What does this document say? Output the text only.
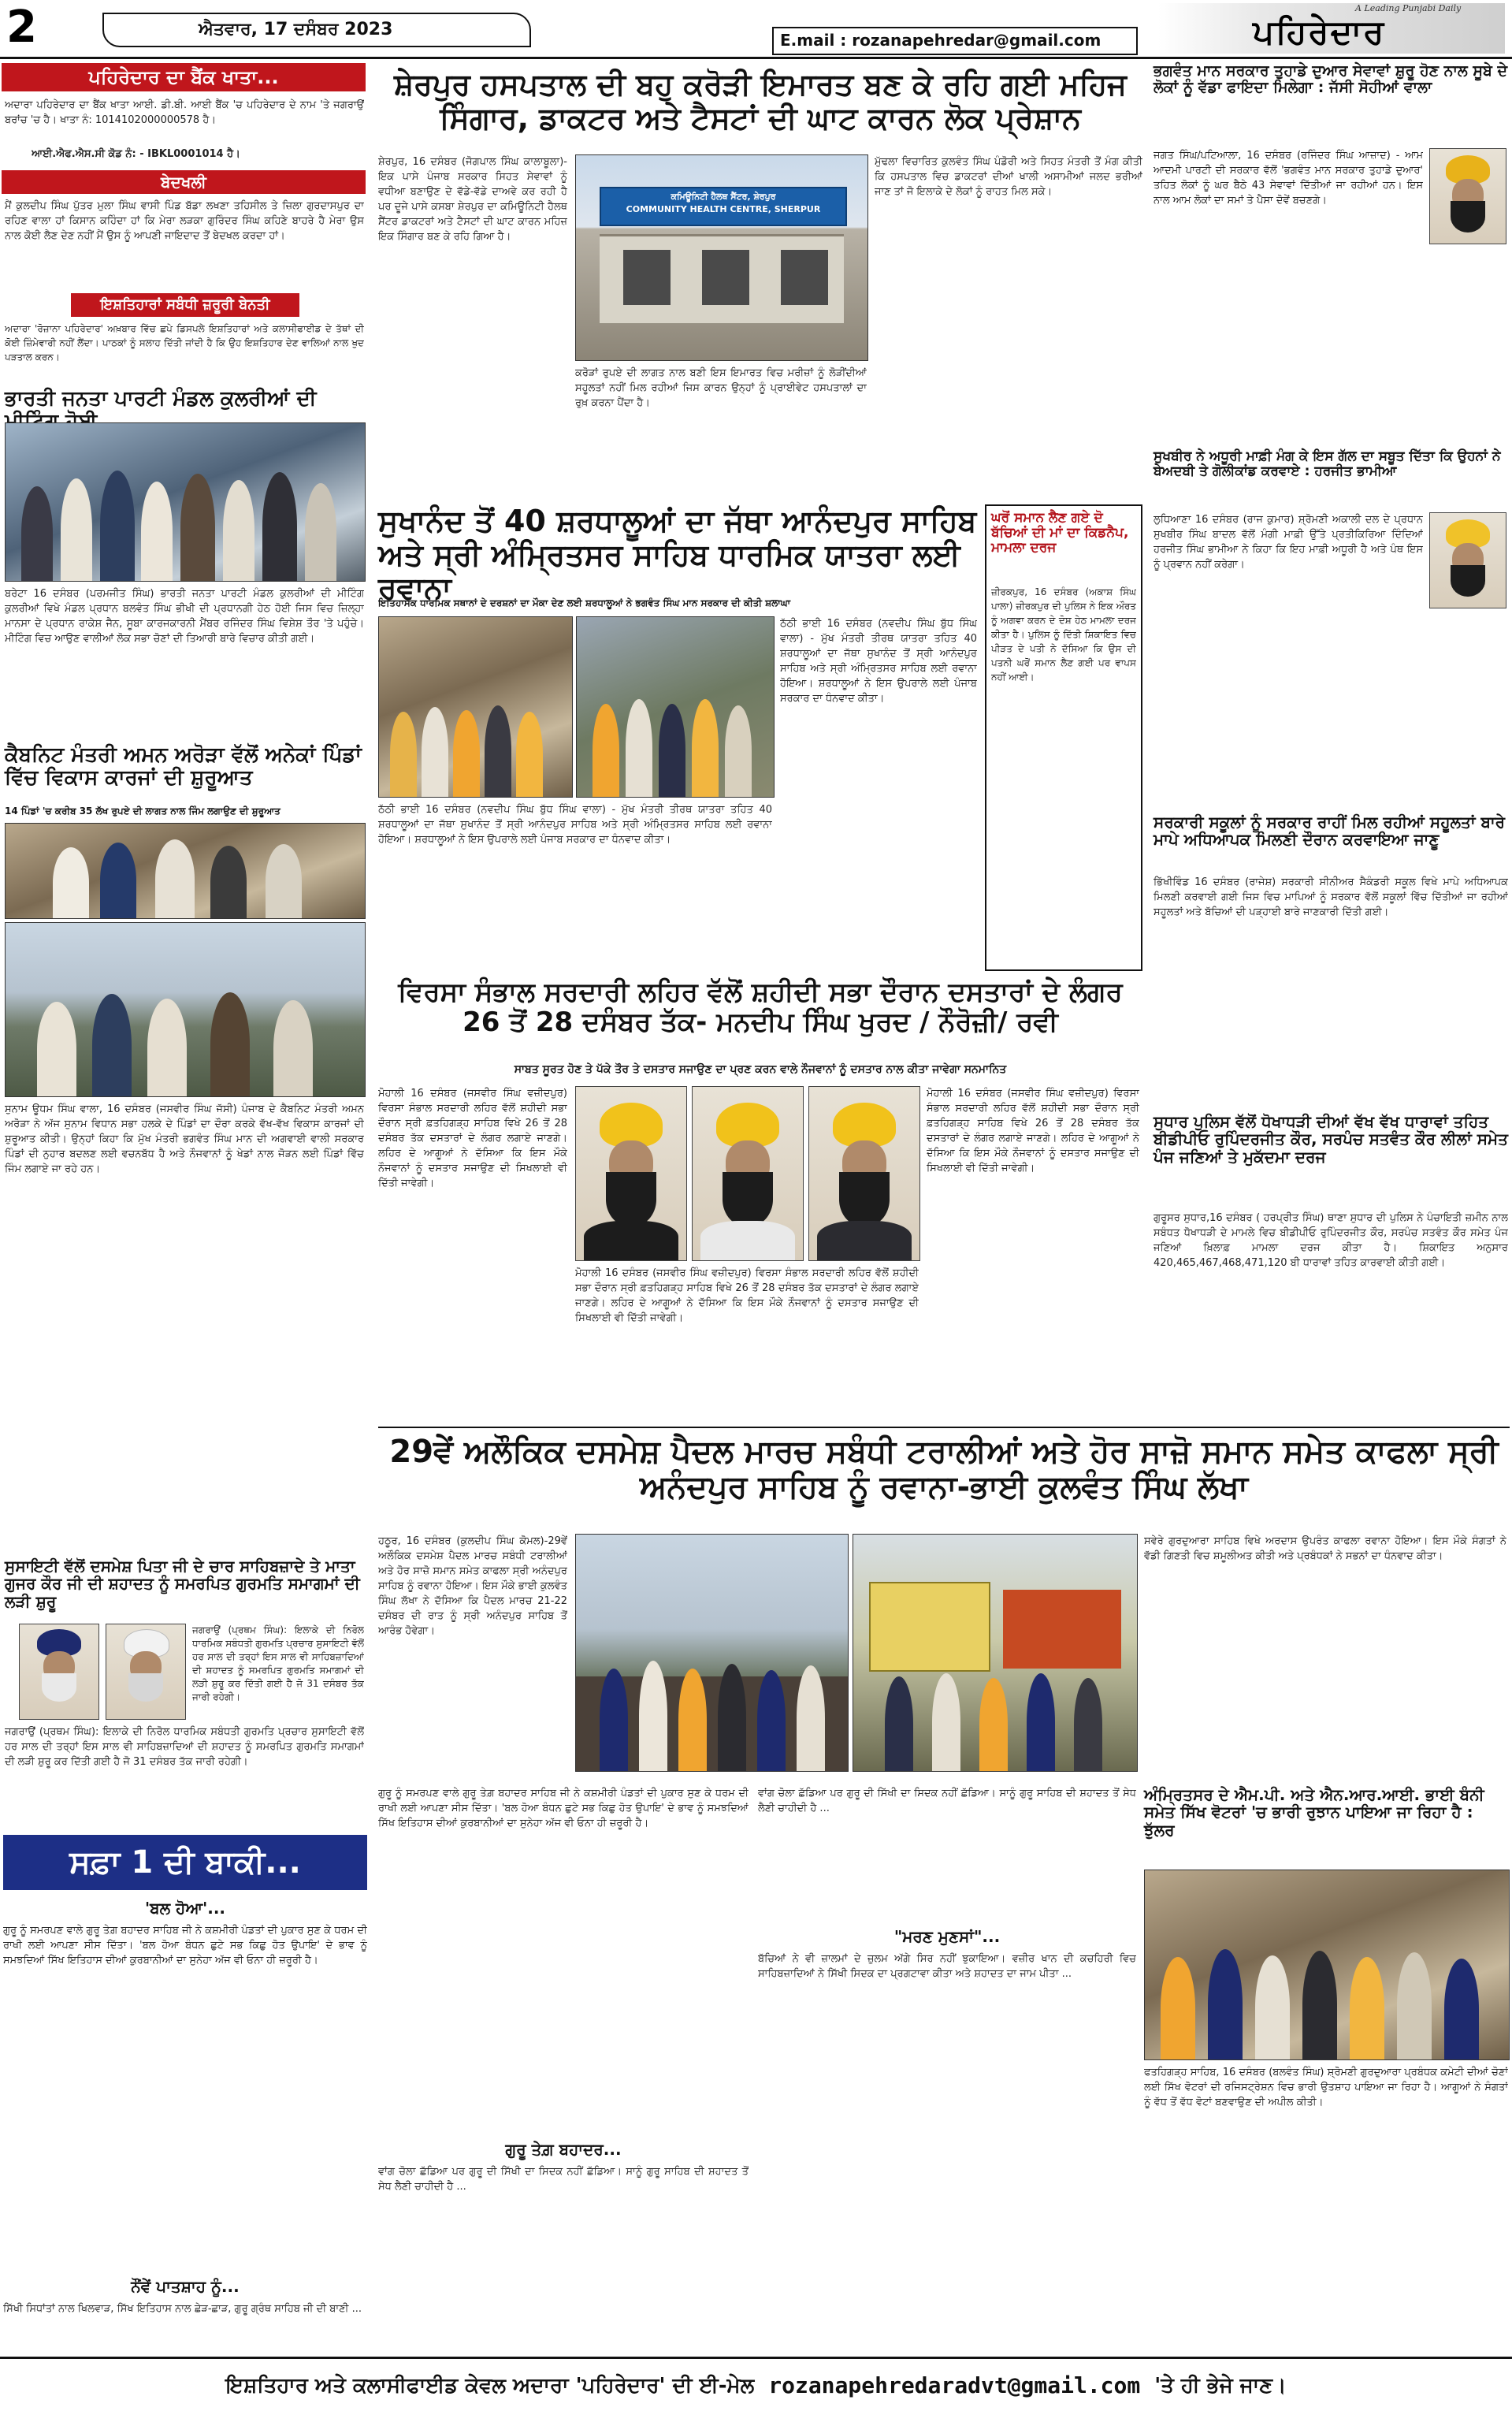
2	ਐਤਵਾਰ, 17 ਦਸੰਬਰ 2023
E.mail : rozanapehredar@gmail.com
A Leading Punjabi Daily
ਪਹਿਰੇਦਾਰ
ਪਹਿਰੇਦਾਰ ਦਾ ਬੈਂਕ ਖਾਤਾ...
ਅਦਾਰਾ ਪਹਿਰੇਦਾਰ ਦਾ ਬੈਂਕ ਖਾਤਾ ਆਈ. ਡੀ.ਬੀ. ਆਈ ਬੈਂਕ 'ਚ ਪਹਿਰੇਦਾਰ ਦੇ ਨਾਮ 'ਤੇ ਜਗਰਾਉਂ ਬਰਾਂਚ 'ਚ ਹੈ। ਖਾਤਾ ਨੰ: 1014102000000578 ਹੈ।
ਆਈ.ਐਫ.ਐਸ.ਸੀ ਕੋਡ ਨੰ: - IBKL0001014 ਹੈ।
ਬੇਦਖਲੀ
ਮੈਂ ਕੁਲਦੀਪ ਸਿੰਘ ਪੁੱਤਰ ਮੁਲਾ ਸਿੰਘ ਵਾਸੀ ਪਿੰਡ ਬੱਡਾ ਲਖਣਾ ਤਹਿਸੀਲ ਤੇ ਜ਼ਿਲਾ ਗੁਰਦਾਸਪੁਰ ਦਾ ਰਹਿਣ ਵਾਲਾ ਹਾਂ ਕਿਸਾਨ ਕਹਿੰਦਾ ਹਾਂ ਕਿ ਮੇਰਾ ਲੜਕਾ ਗੁਰਿੰਦਰ ਸਿੰਘ ਕਹਿਣੇ ਬਾਹਰੇ ਹੈ ਮੇਰਾ ਉਸ ਨਾਲ ਕੋਈ ਲੈਣ ਦੇਣ ਨਹੀਂ ਮੈਂ ਉਸ ਨੂੰ ਆਪਣੀ ਜਾਇਦਾਦ ਤੋਂ ਬੇਦਖਲ ਕਰਦਾ ਹਾਂ।
ਇਸ਼ਤਿਹਾਰਾਂ ਸਬੰਧੀ ਜ਼ਰੂਰੀ ਬੇਨਤੀ
ਅਦਾਰਾ 'ਰੋਜ਼ਾਨਾ ਪਹਿਰੇਦਾਰ' ਅਖ਼ਬਾਰ ਵਿੱਚ ਛਪੇ ਡਿਸਪਲੇ ਇਸ਼ਤਿਹਾਰਾਂ ਅਤੇ ਕਲਾਸੀਫਾਈਡ ਦੇ ਤੱਥਾਂ ਦੀ ਕੋਈ ਜ਼ਿੰਮੇਵਾਰੀ ਨਹੀਂ ਲੈਂਦਾ। ਪਾਠਕਾਂ ਨੂੰ ਸਲਾਹ ਦਿੱਤੀ ਜਾਂਦੀ ਹੈ ਕਿ ਉਹ ਇਸ਼ਤਿਹਾਰ ਦੇਣ ਵਾਲਿਆਂ ਨਾਲ ਖੁਦ ਪੜਤਾਲ ਕਰਨ।
ਭਾਰਤੀ ਜਨਤਾ ਪਾਰਟੀ ਮੰਡਲ ਕੁਲਰੀਆਂ ਦੀ
ਬਰੇਟਾ 16 ਦਸੰਬਰ (ਪਰਮਜੀਤ ਸਿੰਘ) ਭਾਰਤੀ ਜਨਤਾ ਪਾਰਟੀ ਮੰਡਲ ਕੁਲਰੀਆਂ ਦੀ ਮੀਟਿੰਗ ਕੁਲਰੀਆਂ ਵਿਖੇ ਮੰਡਲ ਪ੍ਰਧਾਨ ਬਲਵੰਤ ਸਿੰਘ ਭੀਖੀ ਦੀ ਪ੍ਰਧਾਨਗੀ ਹੇਠ ਹੋਈ ਜਿਸ ਵਿਚ ਜ਼ਿਲ੍ਹਾ ਮਾਨਸਾ ਦੇ ਪ੍ਰਧਾਨ ਰਾਕੇਸ਼ ਜੈਨ, ਸੂਬਾ ਕਾਰਜਕਾਰਨੀ ਮੈਂਬਰ ਰਜਿੰਦਰ ਸਿੰਘ ਵਿਸ਼ੇਸ਼ ਤੌਰ 'ਤੇ ਪਹੁੰਚੇ। ਮੀਟਿੰਗ ਵਿਚ ਆਉਣ ਵਾਲੀਆਂ ਲੋਕ ਸਭਾ ਚੋਣਾਂ ਦੀ ਤਿਆਰੀ ਬਾਰੇ ਵਿਚਾਰ ਕੀਤੀ ਗਈ।
ਕੈਬਨਿਟ ਮੰਤਰੀ ਅਮਨ ਅਰੋੜਾ ਵੱਲੋਂ ਅਨੇਕਾਂ ਪਿੰਡਾਂ ਵਿੱਚ ਵਿਕਾਸ ਕਾਰਜਾਂ ਦੀ ਸ਼ੁਰੂਆਤ
14 ਪਿੰਡਾਂ 'ਚ ਕਰੀਬ 35 ਲੱਖ ਰੁਪਏ ਦੀ ਲਾਗਤ ਨਾਲ ਜਿੰਮ ਲਗਾਉਣ ਦੀ ਸ਼ੁਰੂਆਤ
ਸੁਨਾਮ ਊਧਮ ਸਿੰਘ ਵਾਲਾ, 16 ਦਸੰਬਰ (ਜਸਵੀਰ ਸਿੰਘ ਜੱਸੀ) ਪੰਜਾਬ ਦੇ ਕੈਬਨਿਟ ਮੰਤਰੀ ਅਮਨ ਅਰੋੜਾ ਨੇ ਅੱਜ ਸੁਨਾਮ ਵਿਧਾਨ ਸਭਾ ਹਲਕੇ ਦੇ ਪਿੰਡਾਂ ਦਾ ਦੌਰਾ ਕਰਕੇ ਵੱਖ-ਵੱਖ ਵਿਕਾਸ ਕਾਰਜਾਂ ਦੀ ਸ਼ੁਰੂਆਤ ਕੀਤੀ। ਉਨ੍ਹਾਂ ਕਿਹਾ ਕਿ ਮੁੱਖ ਮੰਤਰੀ ਭਗਵੰਤ ਸਿੰਘ ਮਾਨ ਦੀ ਅਗਵਾਈ ਵਾਲੀ ਸਰਕਾਰ ਪਿੰਡਾਂ ਦੀ ਨੁਹਾਰ ਬਦਲਣ ਲਈ ਵਚਨਬੱਧ ਹੈ ਅਤੇ ਨੌਜਵਾਨਾਂ ਨੂੰ ਖੇਡਾਂ ਨਾਲ ਜੋੜਨ ਲਈ ਪਿੰਡਾਂ ਵਿੱਚ ਜਿੰਮ ਲਗਾਏ ਜਾ ਰਹੇ ਹਨ।
ਸੁਸਾਇਟੀ ਵੱਲੋਂ ਦਸਮੇਸ਼ ਪਿਤਾ ਜੀ ਦੇ ਚਾਰ ਸਾਹਿਬਜ਼ਾਦੇ ਤੇ ਮਾਤਾ ਗੁਜਰ ਕੌਰ ਜੀ ਦੀ ਸ਼ਹਾਦਤ ਨੂੰ ਸਮਰਪਿਤ ਗੁਰਮਤਿ ਸਮਾਗਮਾਂ ਦੀ ਲੜੀ ਸ਼ੁਰੂ
ਜਗਰਾਉਂ (ਪ੍ਰਥਮ ਸਿੰਘ): ਇਲਾਕੇ ਦੀ ਨਿਰੋਲ ਧਾਰਮਿਕ ਸਬੰਧਤੀ ਗੁਰਮਤਿ ਪ੍ਰਚਾਰ ਸੁਸਾਇਟੀ ਵੱਲੋਂ ਹਰ ਸਾਲ ਦੀ ਤਰ੍ਹਾਂ ਇਸ ਸਾਲ ਵੀ ਸਾਹਿਬਜ਼ਾਦਿਆਂ ਦੀ ਸ਼ਹਾਦਤ ਨੂੰ ਸਮਰਪਿਤ ਗੁਰਮਤਿ ਸਮਾਗਮਾਂ ਦੀ ਲੜੀ ਸ਼ੁਰੂ ਕਰ ਦਿੱਤੀ ਗਈ ਹੈ ਜੋ 31 ਦਸੰਬਰ ਤੱਕ ਜਾਰੀ ਰਹੇਗੀ।
ਜਗਰਾਉਂ (ਪ੍ਰਥਮ ਸਿੰਘ): ਇਲਾਕੇ ਦੀ ਨਿਰੋਲ ਧਾਰਮਿਕ ਸਬੰਧਤੀ ਗੁਰਮਤਿ ਪ੍ਰਚਾਰ ਸੁਸਾਇਟੀ ਵੱਲੋਂ ਹਰ ਸਾਲ ਦੀ ਤਰ੍ਹਾਂ ਇਸ ਸਾਲ ਵੀ ਸਾਹਿਬਜ਼ਾਦਿਆਂ ਦੀ ਸ਼ਹਾਦਤ ਨੂੰ ਸਮਰਪਿਤ ਗੁਰਮਤਿ ਸਮਾਗਮਾਂ ਦੀ ਲੜੀ ਸ਼ੁਰੂ ਕਰ ਦਿੱਤੀ ਗਈ ਹੈ ਜੋ 31 ਦਸੰਬਰ ਤੱਕ ਜਾਰੀ ਰਹੇਗੀ।
ਸ਼ੇਰਪੁਰ ਹਸਪਤਾਲ ਦੀ ਬਹੁ ਕਰੋੜੀ ਇਮਾਰਤ ਬਣ ਕੇ ਰਹਿ ਗਈ ਮਹਿਜ ਸਿੰਗਾਰ, ਡਾਕਟਰ ਅਤੇ ਟੈਸਟਾਂ ਦੀ ਘਾਟ ਕਾਰਨ ਲੋਕ ਪ੍ਰੇਸ਼ਾਨ
ਸ਼ੇਰਪੁਰ, 16 ਦਸੰਬਰ (ਜੋਗਪਾਲ ਸਿੰਘ ਕਾਲਾਬੂਲਾ)- ਇਕ ਪਾਸੇ ਪੰਜਾਬ ਸਰਕਾਰ ਸਿਹਤ ਸੇਵਾਵਾਂ ਨੂੰ ਵਧੀਆ ਬਣਾਉਣ ਦੇ ਵੱਡੇ-ਵੱਡੇ ਦਾਅਵੇ ਕਰ ਰਹੀ ਹੈ ਪਰ ਦੂਜੇ ਪਾਸੇ ਕਸਬਾ ਸ਼ੇਰਪੁਰ ਦਾ ਕਮਿਊਨਿਟੀ ਹੈਲਥ ਸੈਂਟਰ ਡਾਕਟਰਾਂ ਅਤੇ ਟੈਸਟਾਂ ਦੀ ਘਾਟ ਕਾਰਨ ਮਹਿਜ਼ ਇਕ ਸਿੰਗਾਰ ਬਣ ਕੇ ਰਹਿ ਗਿਆ ਹੈ।
ਕਮਿਊਨਿਟੀ ਹੈਲਥ ਸੈਂਟਰ, ਸ਼ੇਰਪੁਰ
COMMUNITY HEALTH CENTRE, SHERPUR
ਕਰੋੜਾਂ ਰੁਪਏ ਦੀ ਲਾਗਤ ਨਾਲ ਬਣੀ ਇਸ ਇਮਾਰਤ ਵਿਚ ਮਰੀਜ਼ਾਂ ਨੂੰ ਲੋੜੀਂਦੀਆਂ ਸਹੂਲਤਾਂ ਨਹੀਂ ਮਿਲ ਰਹੀਆਂ ਜਿਸ ਕਾਰਨ ਉਨ੍ਹਾਂ ਨੂੰ ਪ੍ਰਾਈਵੇਟ ਹਸਪਤਾਲਾਂ ਦਾ ਰੁਖ਼ ਕਰਨਾ ਪੈਂਦਾ ਹੈ।
ਮੁੱਢਲਾ ਵਿਚਾਰਿਤ ਕੁਲਵੰਤ ਸਿੰਘ ਪੰਡੋਰੀ ਅਤੇ ਸਿਹਤ ਮੰਤਰੀ ਤੋਂ ਮੰਗ ਕੀਤੀ ਕਿ ਹਸਪਤਾਲ ਵਿਚ ਡਾਕਟਰਾਂ ਦੀਆਂ ਖਾਲੀ ਅਸਾਮੀਆਂ ਜਲਦ ਭਰੀਆਂ ਜਾਣ ਤਾਂ ਜੋ ਇਲਾਕੇ ਦੇ ਲੋਕਾਂ ਨੂੰ ਰਾਹਤ ਮਿਲ ਸਕੇ।
ਸੁਖਾਨੰਦ ਤੋਂ 40 ਸ਼ਰਧਾਲੂਆਂ ਦਾ ਜੱਥਾ ਆਨੰਦਪੁਰ ਸਾਹਿਬ ਅਤੇ ਸ੍ਰੀ ਅੰਮ੍ਰਿਤਸਰ ਸਾਹਿਬ ਧਾਰਮਿਕ ਯਾਤਰਾ ਲਈ ਰਵਾਨਾ
ਇਤਿਹਾਸਕ ਧਾਰਮਿਕ ਸਥਾਨਾਂ ਦੇ ਦਰਸ਼ਨਾਂ ਦਾ ਮੌਕਾ ਦੇਣ ਲਈ ਸ਼ਰਧਾਲੂਆਂ ਨੇ ਭਗਵੰਤ ਸਿੰਘ ਮਾਨ ਸਰਕਾਰ ਦੀ ਕੀਤੀ ਸ਼ਲਾਘਾ
ਠੱਠੀ ਭਾਈ 16 ਦਸੰਬਰ (ਨਵਦੀਪ ਸਿੰਘ ਬੁੱਧ ਸਿੰਘ ਵਾਲਾ) - ਮੁੱਖ ਮੰਤਰੀ ਤੀਰਥ ਯਾਤਰਾ ਤਹਿਤ 40 ਸ਼ਰਧਾਲੂਆਂ ਦਾ ਜੱਥਾ ਸੁਖਾਨੰਦ ਤੋਂ ਸ੍ਰੀ ਆਨੰਦਪੁਰ ਸਾਹਿਬ ਅਤੇ ਸ੍ਰੀ ਅੰਮ੍ਰਿਤਸਰ ਸਾਹਿਬ ਲਈ ਰਵਾਨਾ ਹੋਇਆ। ਸ਼ਰਧਾਲੂਆਂ ਨੇ ਇਸ ਉਪਰਾਲੇ ਲਈ ਪੰਜਾਬ ਸਰਕਾਰ ਦਾ ਧੰਨਵਾਦ ਕੀਤਾ।
ਠੱਠੀ ਭਾਈ 16 ਦਸੰਬਰ (ਨਵਦੀਪ ਸਿੰਘ ਬੁੱਧ ਸਿੰਘ ਵਾਲਾ) - ਮੁੱਖ ਮੰਤਰੀ ਤੀਰਥ ਯਾਤਰਾ ਤਹਿਤ 40 ਸ਼ਰਧਾਲੂਆਂ ਦਾ ਜੱਥਾ ਸੁਖਾਨੰਦ ਤੋਂ ਸ੍ਰੀ ਆਨੰਦਪੁਰ ਸਾਹਿਬ ਅਤੇ ਸ੍ਰੀ ਅੰਮ੍ਰਿਤਸਰ ਸਾਹਿਬ ਲਈ ਰਵਾਨਾ ਹੋਇਆ। ਸ਼ਰਧਾਲੂਆਂ ਨੇ ਇਸ ਉਪਰਾਲੇ ਲਈ ਪੰਜਾਬ ਸਰਕਾਰ ਦਾ ਧੰਨਵਾਦ ਕੀਤਾ।
ਘਰੋਂ ਸਮਾਨ ਲੈਣ ਗਏ ਦੋ ਬੱਚਿਆਂ ਦੀ ਮਾਂ ਦਾ ਕਿਡਨੈਪ, ਮਾਮਲਾ ਦਰਜ
ਜ਼ੀਰਕਪੁਰ, 16 ਦਸੰਬਰ (ਅਕਾਸ਼ ਸਿੰਘ ਪਾਲਾ) ਜ਼ੀਰਕਪੁਰ ਦੀ ਪੁਲਿਸ ਨੇ ਇਕ ਔਰਤ ਨੂੰ ਅਗਵਾ ਕਰਨ ਦੇ ਦੋਸ਼ ਹੇਠ ਮਾਮਲਾ ਦਰਜ ਕੀਤਾ ਹੈ। ਪੁਲਿਸ ਨੂੰ ਦਿੱਤੀ ਸ਼ਿਕਾਇਤ ਵਿਚ ਪੀੜਤ ਦੇ ਪਤੀ ਨੇ ਦੱਸਿਆ ਕਿ ਉਸ ਦੀ ਪਤਨੀ ਘਰੋਂ ਸਮਾਨ ਲੈਣ ਗਈ ਪਰ ਵਾਪਸ ਨਹੀਂ ਆਈ।
ਵਿਰਸਾ ਸੰਭਾਲ ਸਰਦਾਰੀ ਲਹਿਰ ਵੱਲੋਂ ਸ਼ਹੀਦੀ ਸਭਾ ਦੌਰਾਨ ਦਸਤਾਰਾਂ ਦੇ ਲੰਗਰ 26 ਤੋਂ 28 ਦਸੰਬਰ ਤੱਕ- ਮਨਦੀਪ ਸਿੰਘ ਖੁਰਦ / ਨੌਰੋਜ਼ੀ/ ਰਵੀ
ਸਾਬਤ ਸੂਰਤ ਹੋਣ ਤੇ ਪੱਕੇ ਤੌਰ ਤੇ ਦਸਤਾਰ ਸਜਾਉਣ ਦਾ ਪ੍ਰਣ ਕਰਨ ਵਾਲੇ ਨੌਜਵਾਨਾਂ ਨੂੰ ਦਸਤਾਰ ਨਾਲ ਕੀਤਾ ਜਾਵੇਗਾ ਸਨਮਾਨਿਤ
ਮੋਹਾਲੀ 16 ਦਸੰਬਰ (ਜਸਵੀਰ ਸਿੰਘ ਵਜ਼ੀਦਪੁਰ) ਵਿਰਸਾ ਸੰਭਾਲ ਸਰਦਾਰੀ ਲਹਿਰ ਵੱਲੋਂ ਸ਼ਹੀਦੀ ਸਭਾ ਦੌਰਾਨ ਸ੍ਰੀ ਫ਼ਤਹਿਗੜ੍ਹ ਸਾਹਿਬ ਵਿਖੇ 26 ਤੋਂ 28 ਦਸੰਬਰ ਤੱਕ ਦਸਤਾਰਾਂ ਦੇ ਲੰਗਰ ਲਗਾਏ ਜਾਣਗੇ। ਲਹਿਰ ਦੇ ਆਗੂਆਂ ਨੇ ਦੱਸਿਆ ਕਿ ਇਸ ਮੌਕੇ ਨੌਜਵਾਨਾਂ ਨੂੰ ਦਸਤਾਰ ਸਜਾਉਣ ਦੀ ਸਿਖਲਾਈ ਵੀ ਦਿੱਤੀ ਜਾਵੇਗੀ।
ਮੋਹਾਲੀ 16 ਦਸੰਬਰ (ਜਸਵੀਰ ਸਿੰਘ ਵਜ਼ੀਦਪੁਰ) ਵਿਰਸਾ ਸੰਭਾਲ ਸਰਦਾਰੀ ਲਹਿਰ ਵੱਲੋਂ ਸ਼ਹੀਦੀ ਸਭਾ ਦੌਰਾਨ ਸ੍ਰੀ ਫ਼ਤਹਿਗੜ੍ਹ ਸਾਹਿਬ ਵਿਖੇ 26 ਤੋਂ 28 ਦਸੰਬਰ ਤੱਕ ਦਸਤਾਰਾਂ ਦੇ ਲੰਗਰ ਲਗਾਏ ਜਾਣਗੇ। ਲਹਿਰ ਦੇ ਆਗੂਆਂ ਨੇ ਦੱਸਿਆ ਕਿ ਇਸ ਮੌਕੇ ਨੌਜਵਾਨਾਂ ਨੂੰ ਦਸਤਾਰ ਸਜਾਉਣ ਦੀ ਸਿਖਲਾਈ ਵੀ ਦਿੱਤੀ ਜਾਵੇਗੀ।
ਮੋਹਾਲੀ 16 ਦਸੰਬਰ (ਜਸਵੀਰ ਸਿੰਘ ਵਜ਼ੀਦਪੁਰ) ਵਿਰਸਾ ਸੰਭਾਲ ਸਰਦਾਰੀ ਲਹਿਰ ਵੱਲੋਂ ਸ਼ਹੀਦੀ ਸਭਾ ਦੌਰਾਨ ਸ੍ਰੀ ਫ਼ਤਹਿਗੜ੍ਹ ਸਾਹਿਬ ਵਿਖੇ 26 ਤੋਂ 28 ਦਸੰਬਰ ਤੱਕ ਦਸਤਾਰਾਂ ਦੇ ਲੰਗਰ ਲਗਾਏ ਜਾਣਗੇ। ਲਹਿਰ ਦੇ ਆਗੂਆਂ ਨੇ ਦੱਸਿਆ ਕਿ ਇਸ ਮੌਕੇ ਨੌਜਵਾਨਾਂ ਨੂੰ ਦਸਤਾਰ ਸਜਾਉਣ ਦੀ ਸਿਖਲਾਈ ਵੀ ਦਿੱਤੀ ਜਾਵੇਗੀ।
ਭਗਵੰਤ ਮਾਨ ਸਰਕਾਰ ਤੁਹਾਡੇ ਦੁਆਰ ਸੇਵਾਵਾਂ ਸ਼ੁਰੂ ਹੋਣ ਨਾਲ ਸੂਬੇ ਦੇ ਲੋਕਾਂ ਨੂੰ ਵੱਡਾ ਫਾਇਦਾ ਮਿਲੇਗਾ : ਜੱਸੀ ਸੋਹੀਆਂ ਵਾਲਾ
ਜਗਤ ਸਿੰਘ/ਪਟਿਆਲਾ, 16 ਦਸੰਬਰ (ਰਜਿੰਦਰ ਸਿੰਘ ਆਜ਼ਾਦ) - ਆਮ ਆਦਮੀ ਪਾਰਟੀ ਦੀ ਸਰਕਾਰ ਵੱਲੋਂ 'ਭਗਵੰਤ ਮਾਨ ਸਰਕਾਰ ਤੁਹਾਡੇ ਦੁਆਰ' ਤਹਿਤ ਲੋਕਾਂ ਨੂੰ ਘਰ ਬੈਠੇ 43 ਸੇਵਾਵਾਂ ਦਿੱਤੀਆਂ ਜਾ ਰਹੀਆਂ ਹਨ। ਇਸ ਨਾਲ ਆਮ ਲੋਕਾਂ ਦਾ ਸਮਾਂ ਤੇ ਪੈਸਾ ਦੋਵੇਂ ਬਚਣਗੇ।
ਸੁਖਬੀਰ ਨੇ ਅਧੂਰੀ ਮਾਫ਼ੀ ਮੰਗ ਕੇ ਇਸ ਗੱਲ ਦਾ ਸਬੂਤ ਦਿੱਤਾ ਕਿ ਉਹਨਾਂ ਨੇ ਬੇਅਦਬੀ ਤੇ ਗੋਲੀਕਾਂਡ ਕਰਵਾਏ : ਹਰਜੀਤ ਭਾਮੀਆ
ਲੁਧਿਆਣਾ 16 ਦਸੰਬਰ (ਰਾਜ ਕੁਮਾਰ) ਸ਼੍ਰੋਮਣੀ ਅਕਾਲੀ ਦਲ ਦੇ ਪ੍ਰਧਾਨ ਸੁਖਬੀਰ ਸਿੰਘ ਬਾਦਲ ਵੱਲੋਂ ਮੰਗੀ ਮਾਫ਼ੀ ਉੱਤੇ ਪ੍ਰਤੀਕਿਰਿਆ ਦਿੰਦਿਆਂ ਹਰਜੀਤ ਸਿੰਘ ਭਾਮੀਆ ਨੇ ਕਿਹਾ ਕਿ ਇਹ ਮਾਫ਼ੀ ਅਧੂਰੀ ਹੈ ਅਤੇ ਪੰਥ ਇਸ ਨੂੰ ਪ੍ਰਵਾਨ ਨਹੀਂ ਕਰੇਗਾ।
ਸਰਕਾਰੀ ਸਕੂਲਾਂ ਨੂੰ ਸਰਕਾਰ ਰਾਹੀਂ ਮਿਲ ਰਹੀਆਂ ਸਹੂਲਤਾਂ ਬਾਰੇ ਮਾਪੇ ਅਧਿਆਪਕ ਮਿਲਣੀ ਦੌਰਾਨ ਕਰਵਾਇਆ ਜਾਣੂ
ਭਿੱਖੀਵਿੰਡ 16 ਦਸੰਬਰ (ਰਾਜੇਸ਼) ਸਰਕਾਰੀ ਸੀਨੀਅਰ ਸੈਕੰਡਰੀ ਸਕੂਲ ਵਿਖੇ ਮਾਪੇ ਅਧਿਆਪਕ ਮਿਲਣੀ ਕਰਵਾਈ ਗਈ ਜਿਸ ਵਿਚ ਮਾਪਿਆਂ ਨੂੰ ਸਰਕਾਰ ਵੱਲੋਂ ਸਕੂਲਾਂ ਵਿੱਚ ਦਿੱਤੀਆਂ ਜਾ ਰਹੀਆਂ ਸਹੂਲਤਾਂ ਅਤੇ ਬੱਚਿਆਂ ਦੀ ਪੜ੍ਹਾਈ ਬਾਰੇ ਜਾਣਕਾਰੀ ਦਿੱਤੀ ਗਈ।
ਸੁਧਾਰ ਪੁਲਿਸ ਵੱਲੋਂ ਧੋਖਾਧੜੀ ਦੀਆਂ ਵੱਖ ਵੱਖ ਧਾਰਾਵਾਂ ਤਹਿਤ ਬੀਡੀਪੀਓ ਰੁਪਿੰਦਰਜੀਤ ਕੌਰ, ਸਰਪੰਚ ਸਤਵੰਤ ਕੌਰ ਲੀਲਾਂ ਸਮੇਤ ਪੰਜ ਜਣਿਆਂ ਤੇ ਮੁਕੱਦਮਾ ਦਰਜ
ਗੁਰੂਸਰ ਸੁਧਾਰ,16 ਦਸੰਬਰ ( ਹਰਪ੍ਰੀਤ ਸਿੰਘ) ਥਾਣਾ ਸੁਧਾਰ ਦੀ ਪੁਲਿਸ ਨੇ ਪੰਚਾਇਤੀ ਜ਼ਮੀਨ ਨਾਲ ਸਬੰਧਤ ਧੋਖਾਧੜੀ ਦੇ ਮਾਮਲੇ ਵਿਚ ਬੀਡੀਪੀਓ ਰੁਪਿੰਦਰਜੀਤ ਕੌਰ, ਸਰਪੰਚ ਸਤਵੰਤ ਕੌਰ ਸਮੇਤ ਪੰਜ ਜਣਿਆਂ ਖ਼ਿਲਾਫ਼ ਮਾਮਲਾ ਦਰਜ ਕੀਤਾ ਹੈ। ਸ਼ਿਕਾਇਤ ਅਨੁਸਾਰ 420,465,467,468,471,120 ਬੀ ਧਾਰਾਵਾਂ ਤਹਿਤ ਕਾਰਵਾਈ ਕੀਤੀ ਗਈ।
29ਵੇਂ ਅਲੌਕਿਕ ਦਸਮੇਸ਼ ਪੈਦਲ ਮਾਰਚ ਸਬੰਧੀ ਟਰਾਲੀਆਂ ਅਤੇ ਹੋਰ ਸਾਜ਼ੋ ਸਮਾਨ ਸਮੇਤ ਕਾਫਲਾ ਸ੍ਰੀ ਅਨੰਦਪੁਰ ਸਾਹਿਬ ਨੂੰ ਰਵਾਨਾ-ਭਾਈ ਕੁਲਵੰਤ ਸਿੰਘ ਲੱਖਾ
ਹਠੂਰ, 16 ਦਸੰਬਰ (ਕੁਲਦੀਪ ਸਿੰਘ ਕੋਮਲ)-29ਵੇਂ ਅਲੌਕਿਕ ਦਸਮੇਸ਼ ਪੈਦਲ ਮਾਰਚ ਸਬੰਧੀ ਟਰਾਲੀਆਂ ਅਤੇ ਹੋਰ ਸਾਜ਼ੋ ਸਮਾਨ ਸਮੇਤ ਕਾਫਲਾ ਸ੍ਰੀ ਅਨੰਦਪੁਰ ਸਾਹਿਬ ਨੂੰ ਰਵਾਨਾ ਹੋਇਆ। ਇਸ ਮੌਕੇ ਭਾਈ ਕੁਲਵੰਤ ਸਿੰਘ ਲੱਖਾ ਨੇ ਦੱਸਿਆ ਕਿ ਪੈਦਲ ਮਾਰਚ 21-22 ਦਸੰਬਰ ਦੀ ਰਾਤ ਨੂੰ ਸ੍ਰੀ ਅਨੰਦਪੁਰ ਸਾਹਿਬ ਤੋਂ ਆਰੰਭ ਹੋਵੇਗਾ।
ਸਵੇਰੇ ਗੁਰਦੁਆਰਾ ਸਾਹਿਬ ਵਿਖੇ ਅਰਦਾਸ ਉਪਰੰਤ ਕਾਫਲਾ ਰਵਾਨਾ ਹੋਇਆ। ਇਸ ਮੌਕੇ ਸੰਗਤਾਂ ਨੇ ਵੱਡੀ ਗਿਣਤੀ ਵਿਚ ਸ਼ਮੂਲੀਅਤ ਕੀਤੀ ਅਤੇ ਪ੍ਰਬੰਧਕਾਂ ਨੇ ਸਭਨਾਂ ਦਾ ਧੰਨਵਾਦ ਕੀਤਾ।
ਸਫ਼ਾ 1 ਦੀ ਬਾਕੀ...
'ਬਲ ਹੋਆ'...
ਗੁਰੂ ਨੂੰ ਸਮਰਪਣ ਵਾਲੇ ਗੁਰੂ ਤੇਗ਼ ਬਹਾਦਰ ਸਾਹਿਬ ਜੀ ਨੇ ਕਸ਼ਮੀਰੀ ਪੰਡਤਾਂ ਦੀ ਪੁਕਾਰ ਸੁਣ ਕੇ ਧਰਮ ਦੀ ਰਾਖੀ ਲਈ ਆਪਣਾ ਸੀਸ ਦਿੱਤਾ। 'ਬਲ ਹੋਆ ਬੰਧਨ ਛੁਟੇ ਸਭ ਕਿਛੁ ਹੋਤ ਉਪਾਇ' ਦੇ ਭਾਵ ਨੂੰ ਸਮਝਦਿਆਂ ਸਿੱਖ ਇਤਿਹਾਸ ਦੀਆਂ ਕੁਰਬਾਨੀਆਂ ਦਾ ਸੁਨੇਹਾ ਅੱਜ ਵੀ ਓਨਾ ਹੀ ਜ਼ਰੂਰੀ ਹੈ।
ਨੌਂਵੇਂ ਪਾਤਸ਼ਾਹ ਨੂੰ...
ਸਿੱਖੀ ਸਿਧਾਂਤਾਂ ਨਾਲ ਖਿਲਵਾੜ, ਸਿੱਖ ਇਤਿਹਾਸ ਨਾਲ ਛੇੜ-ਛਾੜ, ਗੁਰੂ ਗ੍ਰੰਥ ਸਾਹਿਬ ਜੀ ਦੀ ਬਾਣੀ ...
ਗੁਰੂ ਨੂੰ ਸਮਰਪਣ ਵਾਲੇ ਗੁਰੂ ਤੇਗ਼ ਬਹਾਦਰ ਸਾਹਿਬ ਜੀ ਨੇ ਕਸ਼ਮੀਰੀ ਪੰਡਤਾਂ ਦੀ ਪੁਕਾਰ ਸੁਣ ਕੇ ਧਰਮ ਦੀ ਰਾਖੀ ਲਈ ਆਪਣਾ ਸੀਸ ਦਿੱਤਾ। 'ਬਲ ਹੋਆ ਬੰਧਨ ਛੁਟੇ ਸਭ ਕਿਛੁ ਹੋਤ ਉਪਾਇ' ਦੇ ਭਾਵ ਨੂੰ ਸਮਝਦਿਆਂ ਸਿੱਖ ਇਤਿਹਾਸ ਦੀਆਂ ਕੁਰਬਾਨੀਆਂ ਦਾ ਸੁਨੇਹਾ ਅੱਜ ਵੀ ਓਨਾ ਹੀ ਜ਼ਰੂਰੀ ਹੈ।
ਗੁਰੂ ਤੇਗ਼ ਬਹਾਦਰ...
ਵਾਂਗ ਚੋਲਾ ਛੱਡਿਆ ਪਰ ਗੁਰੂ ਦੀ ਸਿੱਖੀ ਦਾ ਸਿਦਕ ਨਹੀਂ ਛੱਡਿਆ। ਸਾਨੂੰ ਗੁਰੂ ਸਾਹਿਬ ਦੀ ਸ਼ਹਾਦਤ ਤੋਂ ਸੇਧ ਲੈਣੀ ਚਾਹੀਦੀ ਹੈ ...
ਵਾਂਗ ਚੋਲਾ ਛੱਡਿਆ ਪਰ ਗੁਰੂ ਦੀ ਸਿੱਖੀ ਦਾ ਸਿਦਕ ਨਹੀਂ ਛੱਡਿਆ। ਸਾਨੂੰ ਗੁਰੂ ਸਾਹਿਬ ਦੀ ਸ਼ਹਾਦਤ ਤੋਂ ਸੇਧ ਲੈਣੀ ਚਾਹੀਦੀ ਹੈ ...
"ਮਰਣ ਮੁਣਸਾਂ"...
ਬੱਚਿਆਂ ਨੇ ਵੀ ਜ਼ਾਲਮਾਂ ਦੇ ਜ਼ੁਲਮ ਅੱਗੇ ਸਿਰ ਨਹੀਂ ਝੁਕਾਇਆ। ਵਜ਼ੀਰ ਖਾਨ ਦੀ ਕਚਹਿਰੀ ਵਿਚ ਸਾਹਿਬਜ਼ਾਦਿਆਂ ਨੇ ਸਿੱਖੀ ਸਿਦਕ ਦਾ ਪ੍ਰਗਟਾਵਾ ਕੀਤਾ ਅਤੇ ਸ਼ਹਾਦਤ ਦਾ ਜਾਮ ਪੀਤਾ ...
ਅੰਮ੍ਰਿਤਸਰ ਦੇ ਐਮ.ਪੀ. ਅਤੇ ਐਨ.ਆਰ.ਆਈ. ਭਾਈ ਬੰਨੀ ਸਮੇਤ ਸਿੱਖ ਵੋਟਰਾਂ 'ਚ ਭਾਰੀ ਰੁਝਾਨ ਪਾਇਆ ਜਾ ਰਿਹਾ ਹੈ : ਝੁੱਲਰ
ਫਤਹਿਗੜ੍ਹ ਸਾਹਿਬ, 16 ਦਸੰਬਰ (ਬਲਵੰਤ ਸਿੰਘ) ਸ਼੍ਰੋਮਣੀ ਗੁਰਦੁਆਰਾ ਪ੍ਰਬੰਧਕ ਕਮੇਟੀ ਦੀਆਂ ਚੋਣਾਂ ਲਈ ਸਿੱਖ ਵੋਟਰਾਂ ਦੀ ਰਜਿਸਟ੍ਰੇਸ਼ਨ ਵਿਚ ਭਾਰੀ ਉਤਸ਼ਾਹ ਪਾਇਆ ਜਾ ਰਿਹਾ ਹੈ। ਆਗੂਆਂ ਨੇ ਸੰਗਤਾਂ ਨੂੰ ਵੱਧ ਤੋਂ ਵੱਧ ਵੋਟਾਂ ਬਣਵਾਉਣ ਦੀ ਅਪੀਲ ਕੀਤੀ।
ਇਸ਼ਤਿਹਾਰ ਅਤੇ ਕਲਾਸੀਫਾਈਡ ਕੇਵਲ ਅਦਾਰਾ 'ਪਹਿਰੇਦਾਰ' ਦੀ ਈ-ਮੇਲ rozanapehredaradvt@gmail.com 'ਤੇ ਹੀ ਭੇਜੇ ਜਾਣ।
